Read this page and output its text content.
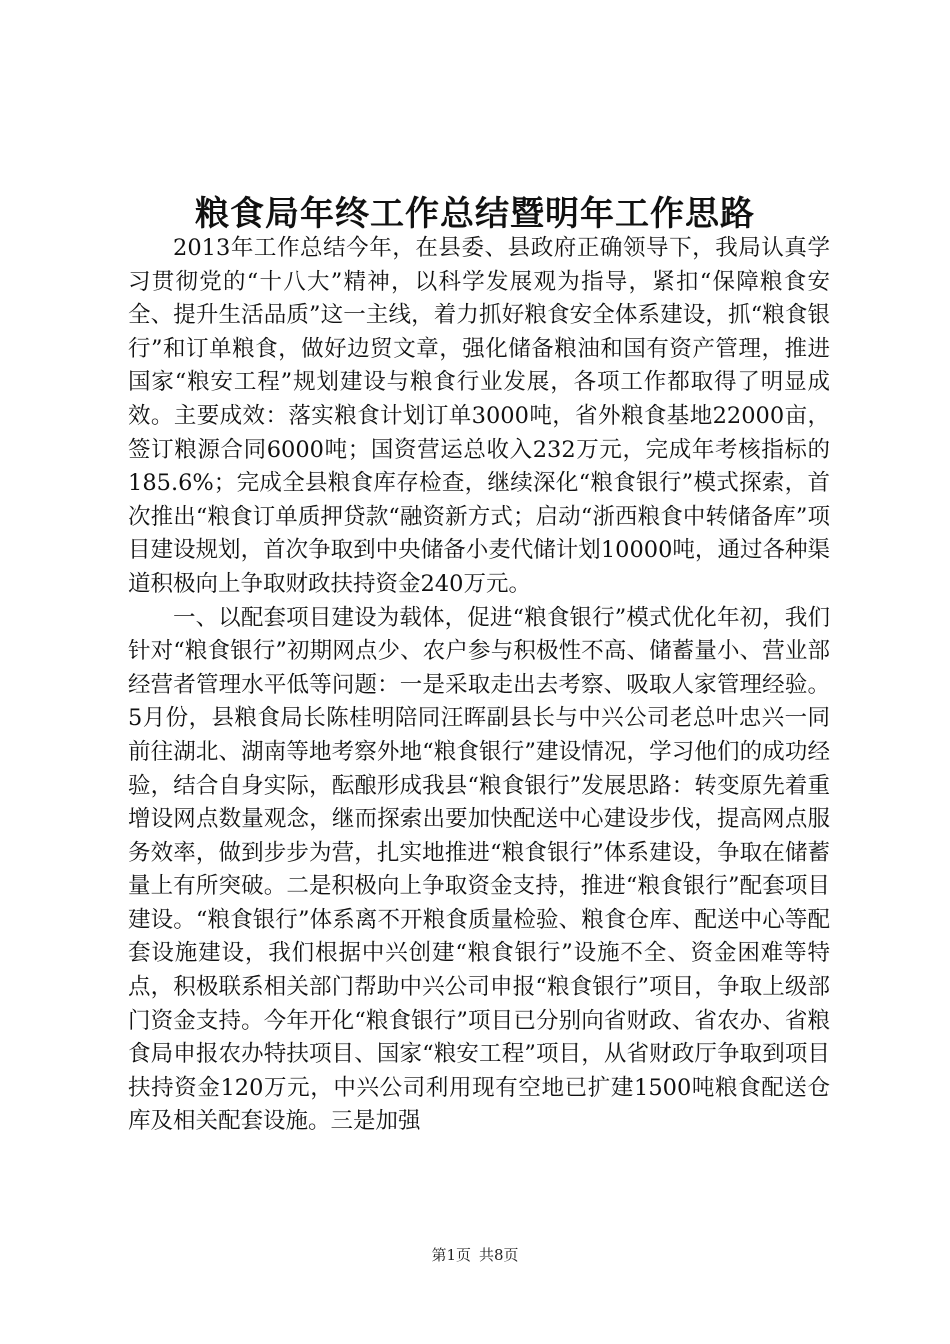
粮食局年终工作总结暨明年工作思路

2013年工作总结今年，在县委、县政府正确领导下，我局认真学习贯彻党的“十八大”精神，以科学发展观为指导，紧扣“保障粮食安全、提升生活品质”这一主线，着力抓好粮食安全体系建设，抓“粮食银行”和订单粮食，做好边贸文章，强化储备粮油和国有资产管理，推进国家“粮安工程”规划建设与粮食行业发展，各项工作都取得了明显成效。主要成效：落实粮食计划订单3000吨，省外粮食基地22000亩，签订粮源合同6000吨；国资营运总收入232万元，完成年考核指标的185.6%；完成全县粮食库存检查，继续深化“粮食银行”模式探索，首次推出“粮食订单质押贷款“融资新方式；启动“浙西粮食中转储备库”项目建设规划，首次争取到中央储备小麦代储计划10000吨，通过各种渠道积极向上争取财政扶持资金240万元。

一、以配套项目建设为载体，促进“粮食银行”模式优化年初，我们针对“粮食银行”初期网点少、农户参与积极性不高、储蓄量小、营业部经营者管理水平低等问题：一是采取走出去考察、吸取人家管理经验。5月份，县粮食局长陈桂明陪同汪晖副县长与中兴公司老总叶忠兴一同前往湖北、湖南等地考察外地“粮食银行”建设情况，学习他们的成功经验，结合自身实际，酝酿形成我县“粮食银行”发展思路：转变原先着重增设网点数量观念，继而探索出要加快配送中心建设步伐，提高网点服务效率，做到步步为营，扎实地推进“粮食银行”体系建设，争取在储蓄量上有所突破。二是积极向上争取资金支持，推进“粮食银行”配套项目建设。“粮食银行”体系离不开粮食质量检验、粮食仓库、配送中心等配套设施建设，我们根据中兴创建“粮食银行”设施不全、资金困难等特点，积极联系相关部门帮助中兴公司申报“粮食银行”项目，争取上级部门资金支持。今年开化“粮食银行”项目已分别向省财政、省农办、省粮食局申报农办特扶项目、国家“粮安工程”项目，从省财政厅争取到项目扶持资金120万元，中兴公司利用现有空地已扩建1500吨粮食配送仓库及相关配套设施。三是加强

第1页 共8页
